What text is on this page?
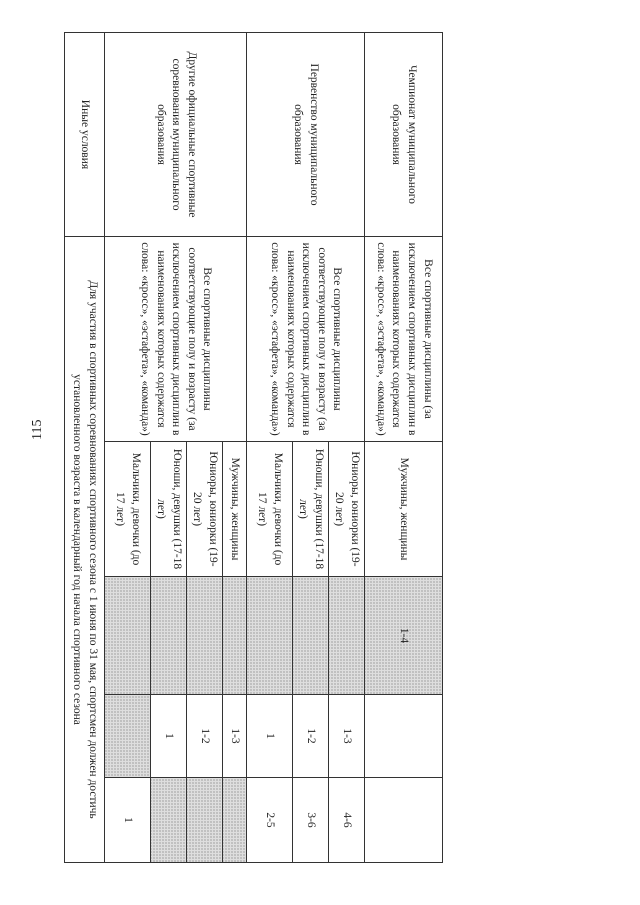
115
Чемпионат муниципального образования	Все спортивные дисциплины (за исключением спортивных дисциплин в наименованиях которых содержатся слова: «кросс», «эстафета», «команда»)	Мужчины, женщины	1-4		
Первенство муниципального образования	Все спортивные дисциплины соответствующие полу и возрасту (за исключением спортивных дисциплин в наименованиях которых содержатся слова: «кросс», «эстафета», «команда»)	Юниоры, юниорки (19-20 лет)		1-3	4-6
		Юноши, девушки (17-18 лет)		1-2	3-6
		Мальчики, девочки (до 17 лет)		1	2-5
Другие официальные спортивные соревнования муниципального образования	Все спортивные дисциплины соответствующие полу и возрасту (за исключением спортивных дисциплин в наименованиях которых содержатся слова: «кросс», «эстафета», «команда»)	Мужчины, женщины		1-3	
		Юниоры, юниорки (19-20 лет)		1-2	
		Юноши, девушки (17-18 лет)		1	
		Мальчики, девочки (до 17 лет)			1
Иные условия	Для участия в спортивных соревнованиях спортивного сезона с 1 июня по 31 мая, спортсмен должен достичь установленного возраста в календарный год начала спортивного сезона				
